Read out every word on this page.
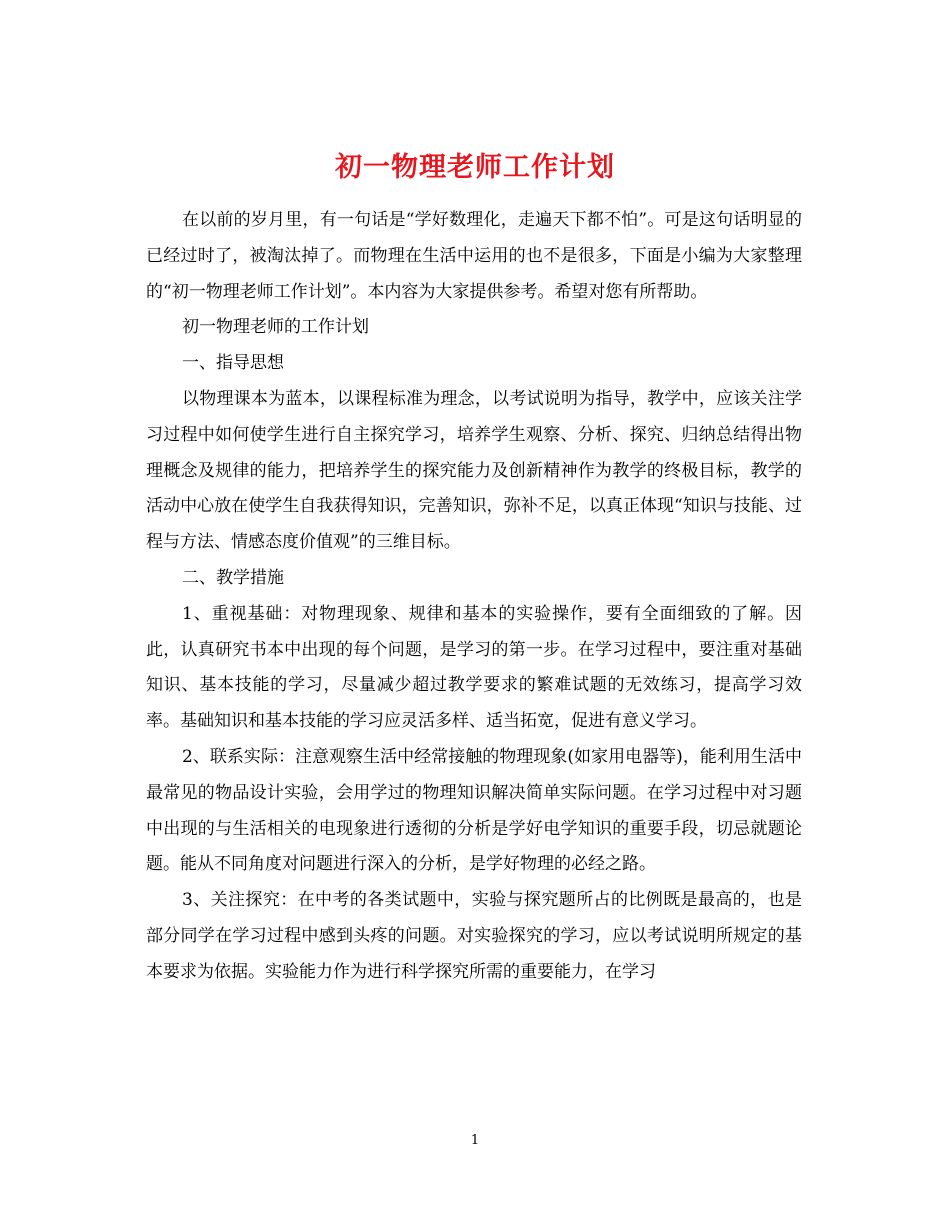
初一物理老师工作计划

在以前的岁月里，有一句话是“学好数理化，走遍天下都不怕”。可是这句话明显的已经过时了，被淘汰掉了。而物理在生活中运用的也不是很多，下面是小编为大家整理的“初一物理老师工作计划”。本内容为大家提供参考。希望对您有所帮助。

初一物理老师的工作计划

一、指导思想

以物理课本为蓝本，以课程标准为理念，以考试说明为指导，教学中，应该关注学习过程中如何使学生进行自主探究学习，培养学生观察、分析、探究、归纳总结得出物理概念及规律的能力，把培养学生的探究能力及创新精神作为教学的终极目标，教学的活动中心放在使学生自我获得知识，完善知识，弥补不足，以真正体现“知识与技能、过程与方法、情感态度价值观”的三维目标。

二、教学措施

1、重视基础：对物理现象、规律和基本的实验操作，要有全面细致的了解。因此，认真研究书本中出现的每个问题，是学习的第一步。在学习过程中，要注重对基础知识、基本技能的学习，尽量减少超过教学要求的繁难试题的无效练习，提高学习效率。基础知识和基本技能的学习应灵活多样、适当拓宽，促进有意义学习。

2、联系实际：注意观察生活中经常接触的物理现象(如家用电器等)，能利用生活中最常见的物品设计实验，会用学过的物理知识解决简单实际问题。在学习过程中对习题中出现的与生活相关的电现象进行透彻的分析是学好电学知识的重要手段，切忌就题论题。能从不同角度对问题进行深入的分析，是学好物理的必经之路。

3、关注探究：在中考的各类试题中，实验与探究题所占的比例既是最高的，也是部分同学在学习过程中感到头疼的问题。对实验探究的学习，应以考试说明所规定的基本要求为依据。实验能力作为进行科学探究所需的重要能力，在学习

1
